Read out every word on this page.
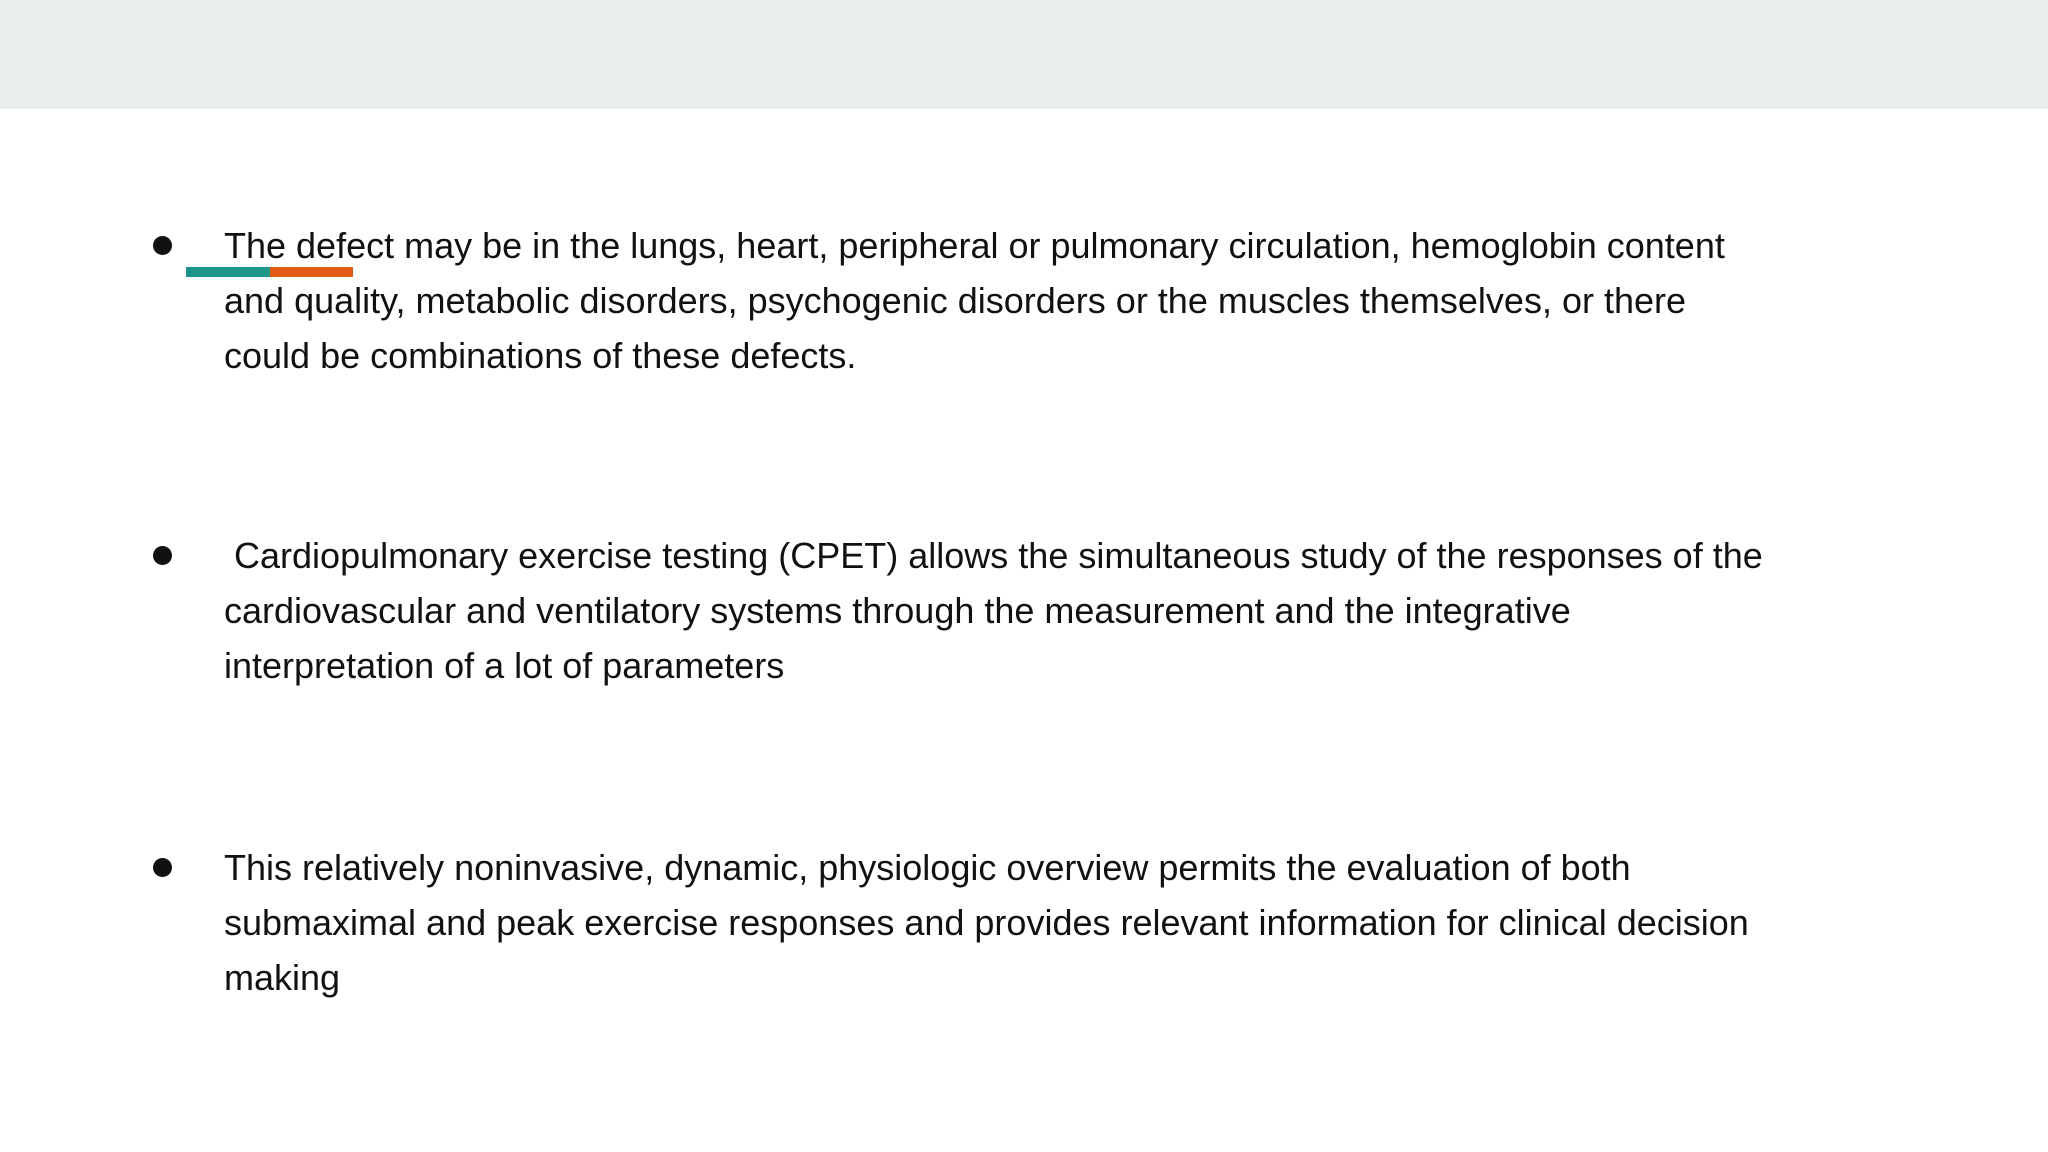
The defect may be in the lungs, heart, peripheral or pulmonary circulation, hemoglobin content
and quality, metabolic disorders, psychogenic disorders or the muscles themselves, or there
could be combinations of these defects.

Cardiopulmonary exercise testing (CPET) allows the simultaneous study of the responses of the
cardiovascular and ventilatory systems through the measurement and the integrative
interpretation of a lot of parameters

This relatively noninvasive, dynamic, physiologic overview permits the evaluation of both
submaximal and peak exercise responses and provides relevant information for clinical decision
making
